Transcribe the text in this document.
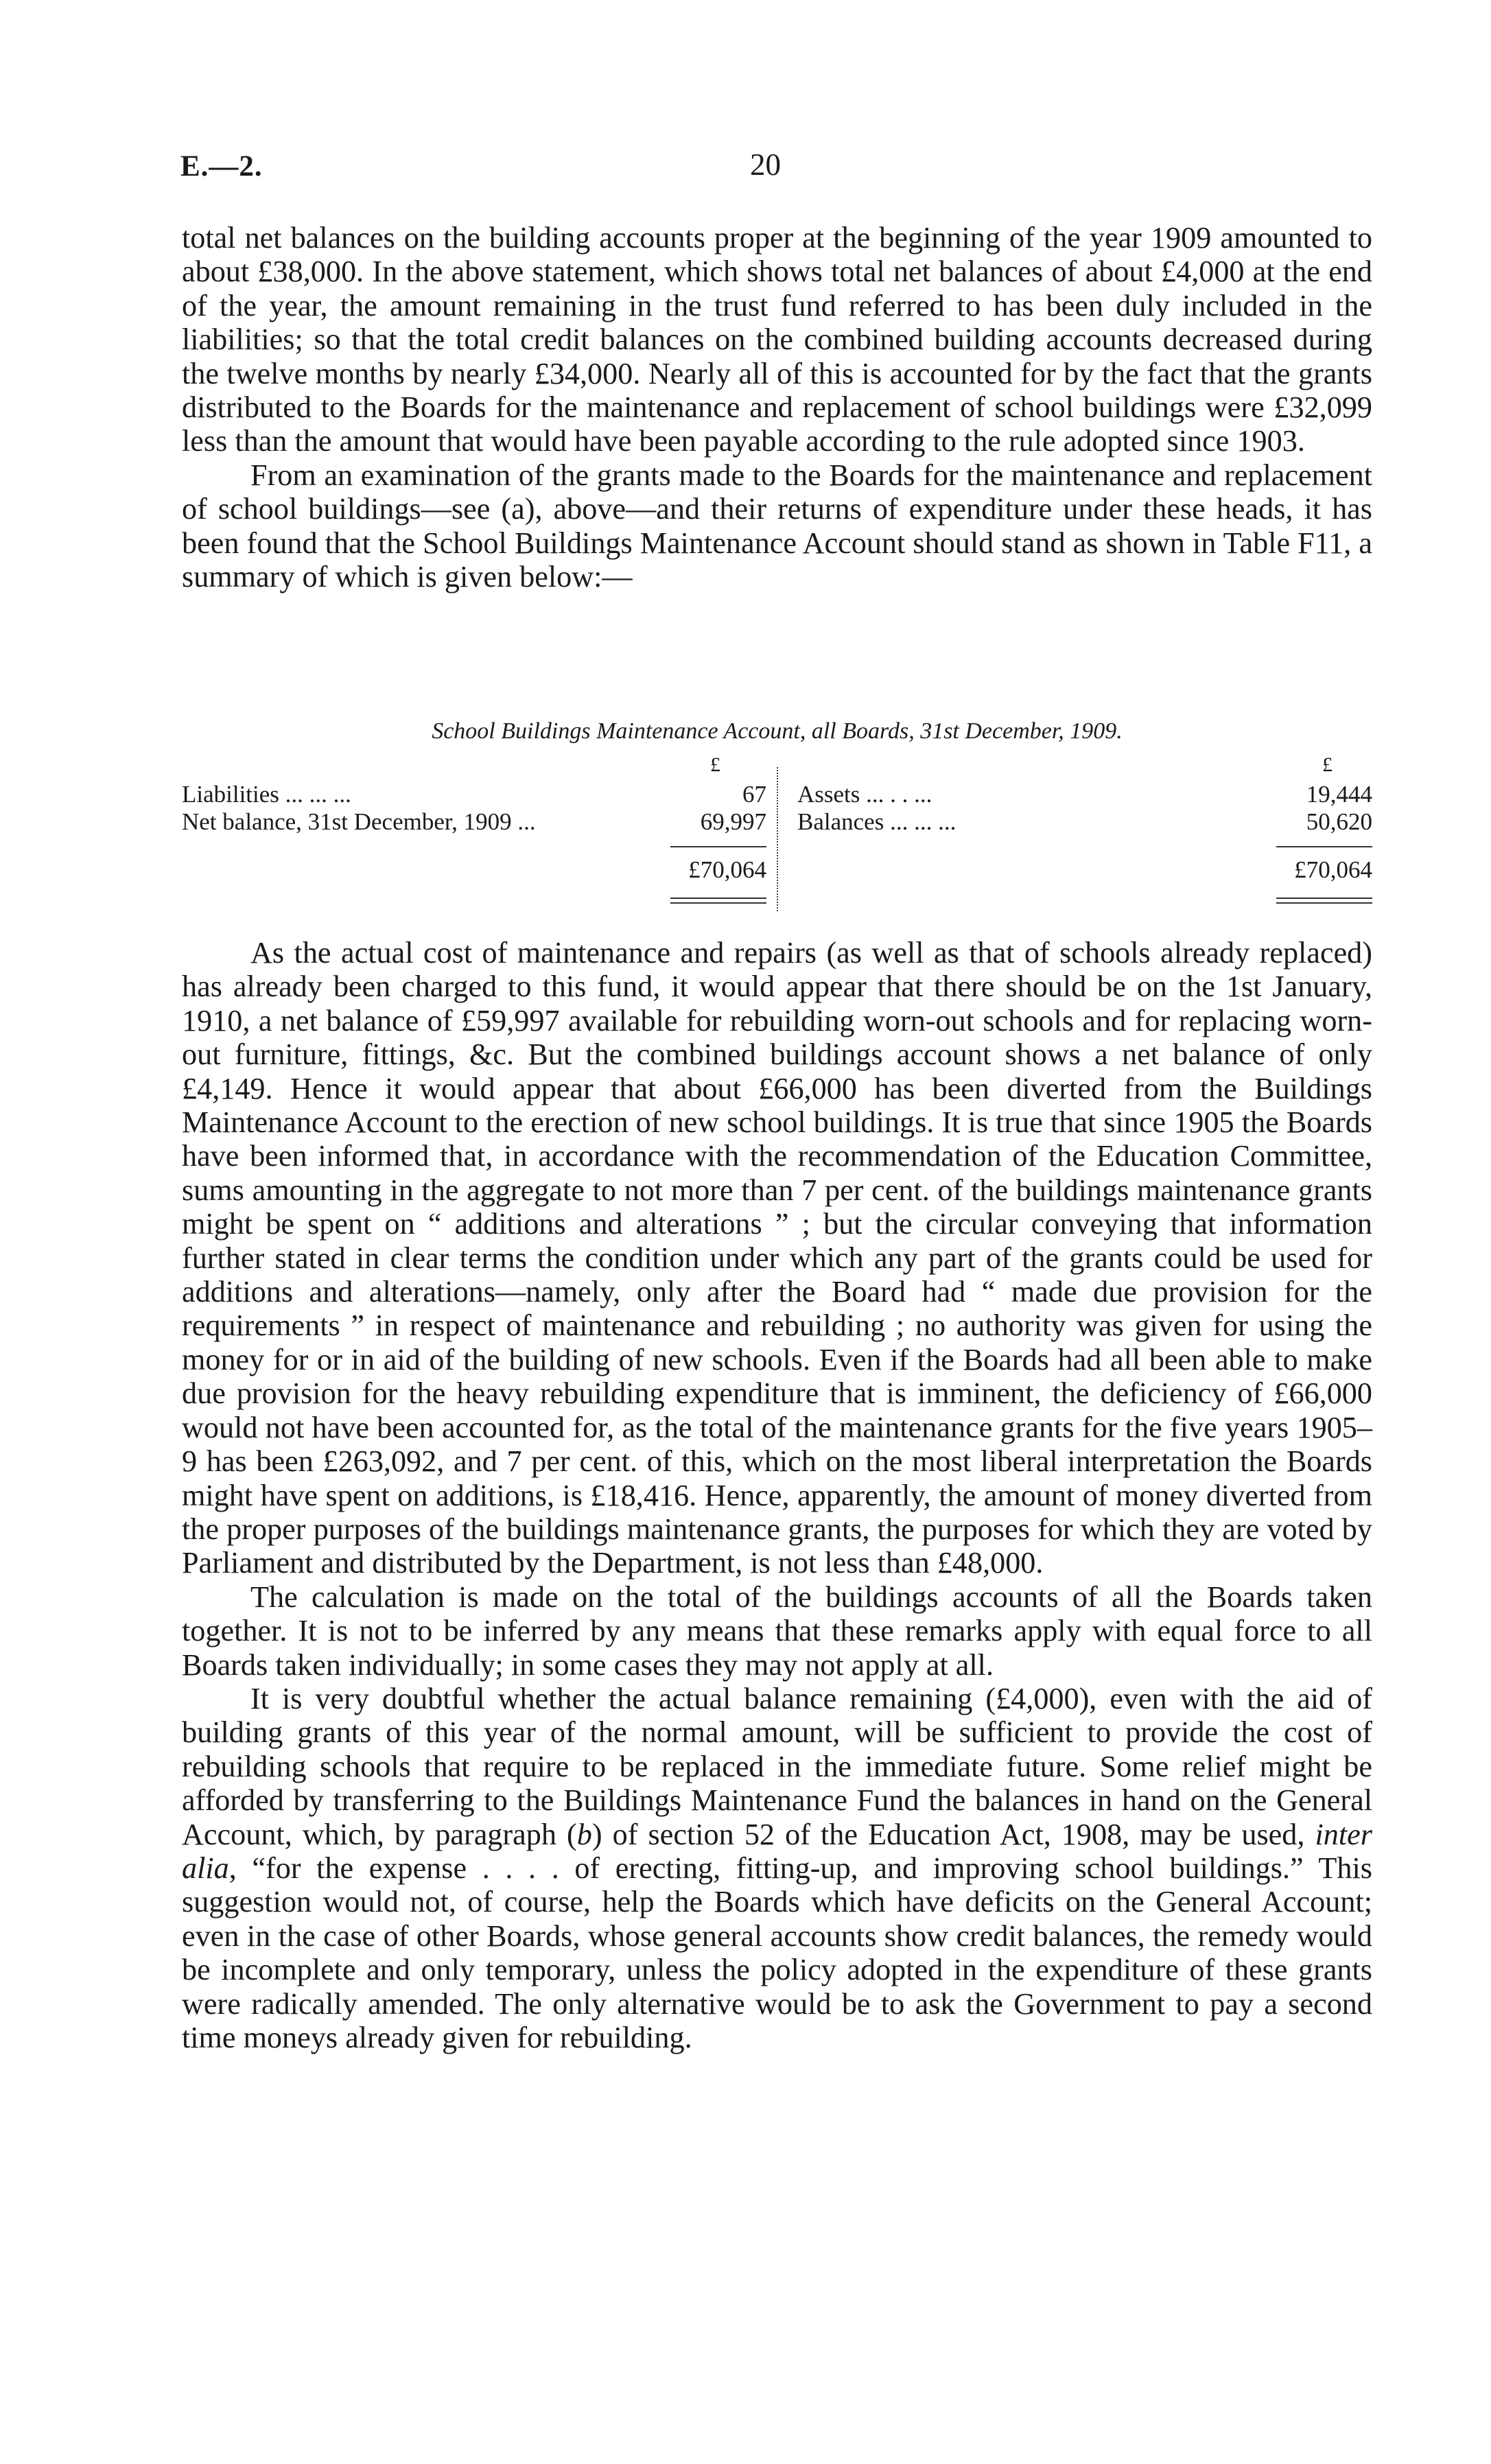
E.—2.	20

total net balances on the building accounts proper at the beginning of the year 1909 amounted to about £38,000. In the above statement, which shows total net balances of about £4,000 at the end of the year, the amount remaining in the trust fund referred to has been duly included in the liabilities; so that the total credit balances on the combined building accounts decreased during the twelve months by nearly £34,000. Nearly all of this is accounted for by the fact that the grants distributed to the Boards for the maintenance and replacement of school buildings were £32,099 less than the amount that would have been payable according to the rule adopted since 1903.

From an examination of the grants made to the Boards for the maintenance and replacement of school buildings—see (a), above—and their returns of expenditure under these heads, it has been found that the School Buildings Maintenance Account should stand as shown in Table F11, a summary of which is given below:—

School Buildings Maintenance Account, all Boards, 31st December, 1909.
£	£
Liabilities ... ... ...	67 Assets ... . . ...	19,444
Net balance, 31st December, 1909 ...	69,997 Balances ... ... ...	50,620
£70,064	£70,064

As the actual cost of maintenance and repairs (as well as that of schools already replaced) has already been charged to this fund, it would appear that there should be on the 1st January, 1910, a net balance of £59,997 available for rebuilding worn-out schools and for replacing worn-out furniture, fittings, &c. But the combined buildings account shows a net balance of only £4,149. Hence it would appear that about £66,000 has been diverted from the Buildings Maintenance Account to the erection of new school buildings. It is true that since 1905 the Boards have been informed that, in accordance with the recommendation of the Education Committee, sums amounting in the aggregate to not more than 7 per cent. of the buildings maintenance grants might be spent on “ additions and alterations ” ; but the circular conveying that information further stated in clear terms the condition under which any part of the grants could be used for additions and alterations—namely, only after the Board had “ made due provision for the requirements ” in respect of maintenance and rebuilding ; no authority was given for using the money for or in aid of the building of new schools. Even if the Boards had all been able to make due provision for the heavy rebuilding expenditure that is imminent, the deficiency of £66,000 would not have been accounted for, as the total of the maintenance grants for the five years 1905–9 has been £263,092, and 7 per cent. of this, which on the most liberal interpretation the Boards might have spent on additions, is £18,416. Hence, apparently, the amount of money diverted from the proper purposes of the buildings maintenance grants, the purposes for which they are voted by Parliament and distributed by the Department, is not less than £48,000.

The calculation is made on the total of the buildings accounts of all the Boards taken together. It is not to be inferred by any means that these remarks apply with equal force to all Boards taken individually; in some cases they may not apply at all.

It is very doubtful whether the actual balance remaining (£4,000), even with the aid of building grants of this year of the normal amount, will be sufficient to provide the cost of rebuilding schools that require to be replaced in the immediate future. Some relief might be afforded by transferring to the Buildings Maintenance Fund the balances in hand on the General Account, which, by paragraph (b) of section 52 of the Education Act, 1908, may be used, inter alia, “for the expense . . . . of erecting, fitting-up, and improving school buildings.” This suggestion would not, of course, help the Boards which have deficits on the General Account; even in the case of other Boards, whose general accounts show credit balances, the remedy would be incomplete and only temporary, unless the policy adopted in the expenditure of these grants were radically amended. The only alternative would be to ask the Government to pay a second time moneys already given for rebuilding.
